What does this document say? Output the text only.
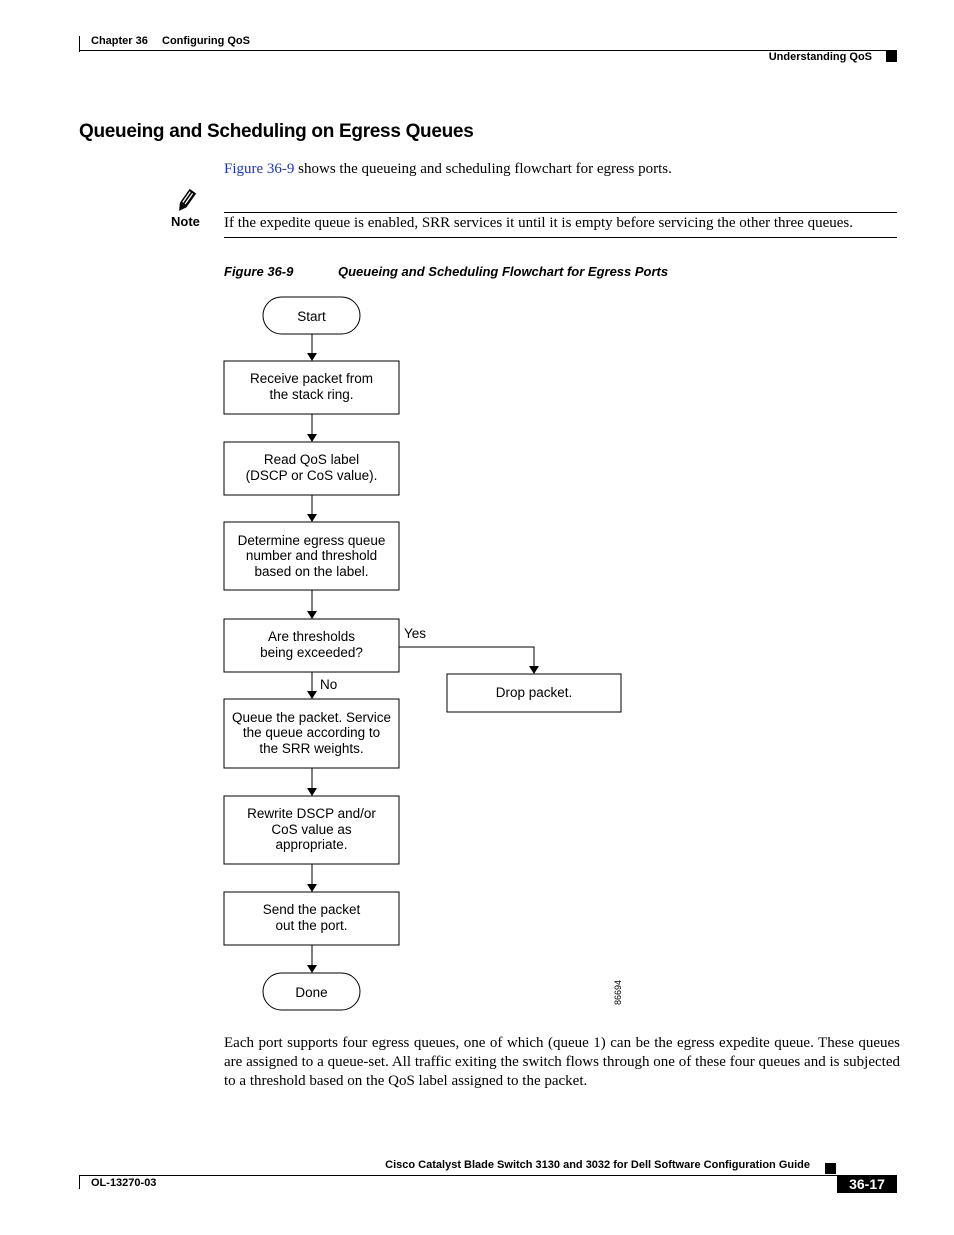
Chapter 36 Configuring QoS
Understanding QoS
Queueing and Scheduling on Egress Queues
Figure 36-9 shows the queueing and scheduling flowchart for egress ports.
Note If the expedite queue is enabled, SRR services it until it is empty before servicing the other three queues.
Figure 36-9	Queueing and Scheduling Flowchart for Egress Ports
Start
Receive packet from
the stack ring.
Read QoS label
(DSCP or CoS value).
Determine egress queue
number and threshold
based on the label.
Are thresholds
being exceeded?
Yes
Drop packet.
No
Queue the packet. Service
the queue according to
the SRR weights.
Rewrite DSCP and/or
CoS value as
appropriate.
Send the packet
out the port.
Done	86694
Each port supports four egress queues, one of which (queue 1) can be the egress expedite queue. These queues are assigned to a queue-set. All traffic exiting the switch flows through one of these four queues and is subjected to a threshold based on the QoS label assigned to the packet.
Cisco Catalyst Blade Switch 3130 and 3032 for Dell Software Configuration Guide
OL-13270-03	36-17
